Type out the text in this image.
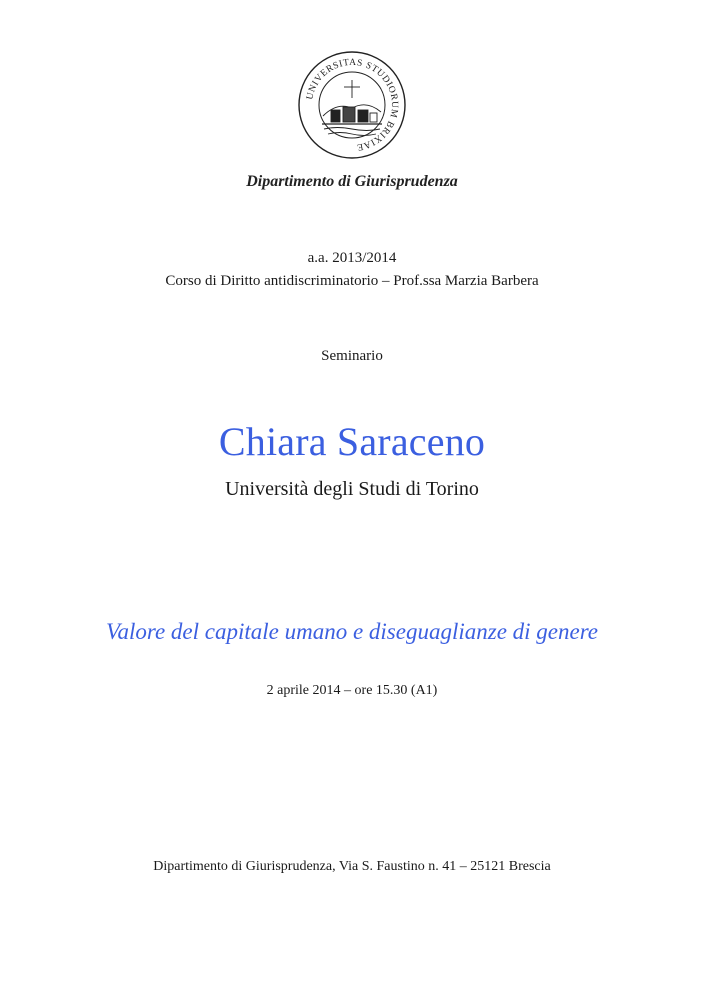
UNIVERSITAS STUDIORUM BRIXIAE
Dipartimento di Giurisprudenza
a.a. 2013/2014
Corso di Diritto antidiscriminatorio – Prof.ssa Marzia Barbera
Seminario
Chiara Saraceno
Università degli Studi di Torino
Valore del capitale umano e diseguaglianze di genere
2 aprile 2014 – ore 15.30 (A1)
Dipartimento di Giurisprudenza, Via S. Faustino n. 41 – 25121 Brescia
